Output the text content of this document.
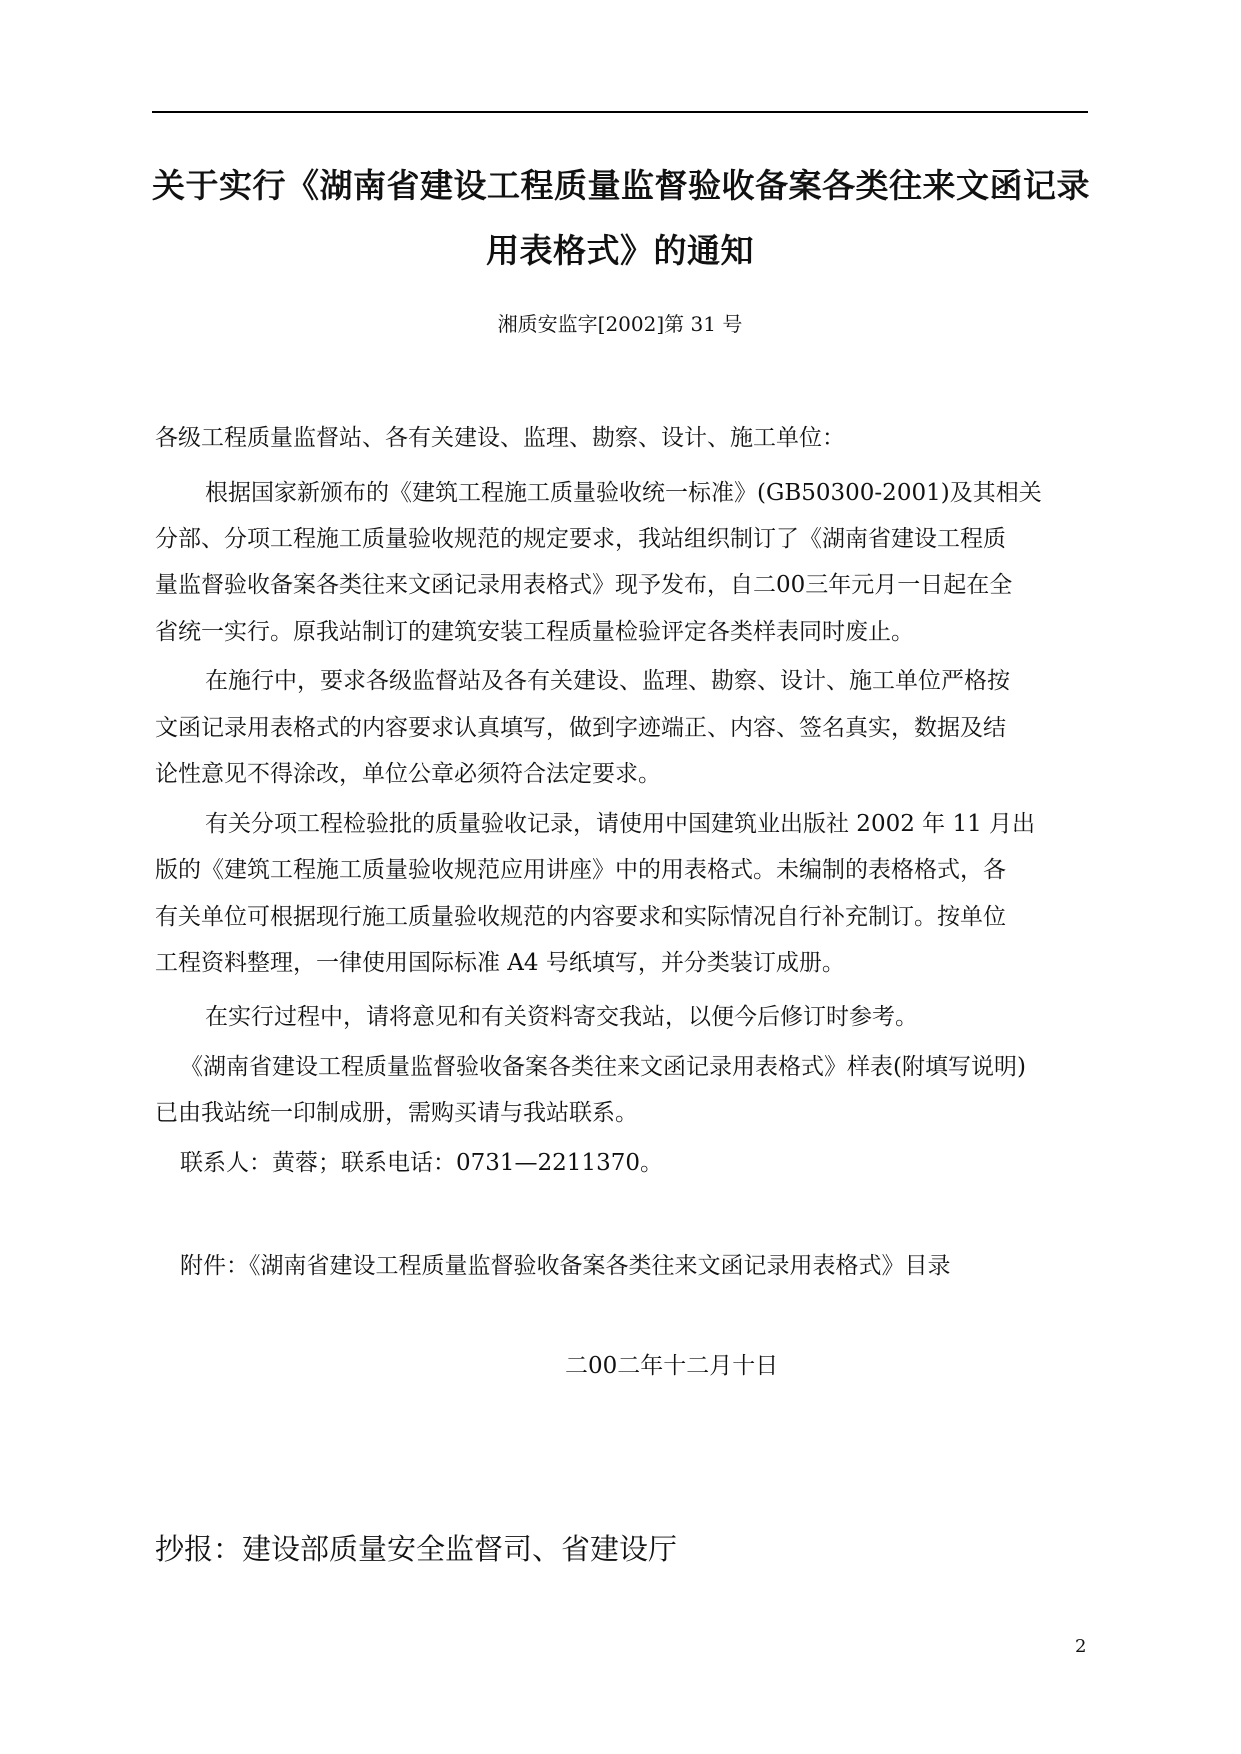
关于实行《湖南省建设工程质量监督验收备案各类往来文函记录
用表格式》的通知
湘质安监字[2002]第 31 号
各级工程质量监督站、各有关建设、监理、勘察、设计、施工单位：
根据国家新颁布的《建筑工程施工质量验收统一标准》(GB50300-2001)及其相关
分部、分项工程施工质量验收规范的规定要求，我站组织制订了《湖南省建设工程质
量监督验收备案各类往来文函记录用表格式》现予发布，自二00三年元月一日起在全
省统一实行。原我站制订的建筑安装工程质量检验评定各类样表同时废止。
在施行中，要求各级监督站及各有关建设、监理、勘察、设计、施工单位严格按
文函记录用表格式的内容要求认真填写，做到字迹端正、内容、签名真实，数据及结
论性意见不得涂改，单位公章必须符合法定要求。
有关分项工程检验批的质量验收记录，请使用中国建筑业出版社 2002 年 11 月出
版的《建筑工程施工质量验收规范应用讲座》中的用表格式。未编制的表格格式，各
有关单位可根据现行施工质量验收规范的内容要求和实际情况自行补充制订。按单位
工程资料整理，一律使用国际标准 A4 号纸填写，并分类装订成册。
在实行过程中，请将意见和有关资料寄交我站，以便今后修订时参考。
《湖南省建设工程质量监督验收备案各类往来文函记录用表格式》样表(附填写说明)
已由我站统一印制成册，需购买请与我站联系。
联系人：黄蓉；联系电话：0731—2211370。
附件：《湖南省建设工程质量监督验收备案各类往来文函记录用表格式》目录
二00二年十二月十日
抄报：建设部质量安全监督司、省建设厅
2
